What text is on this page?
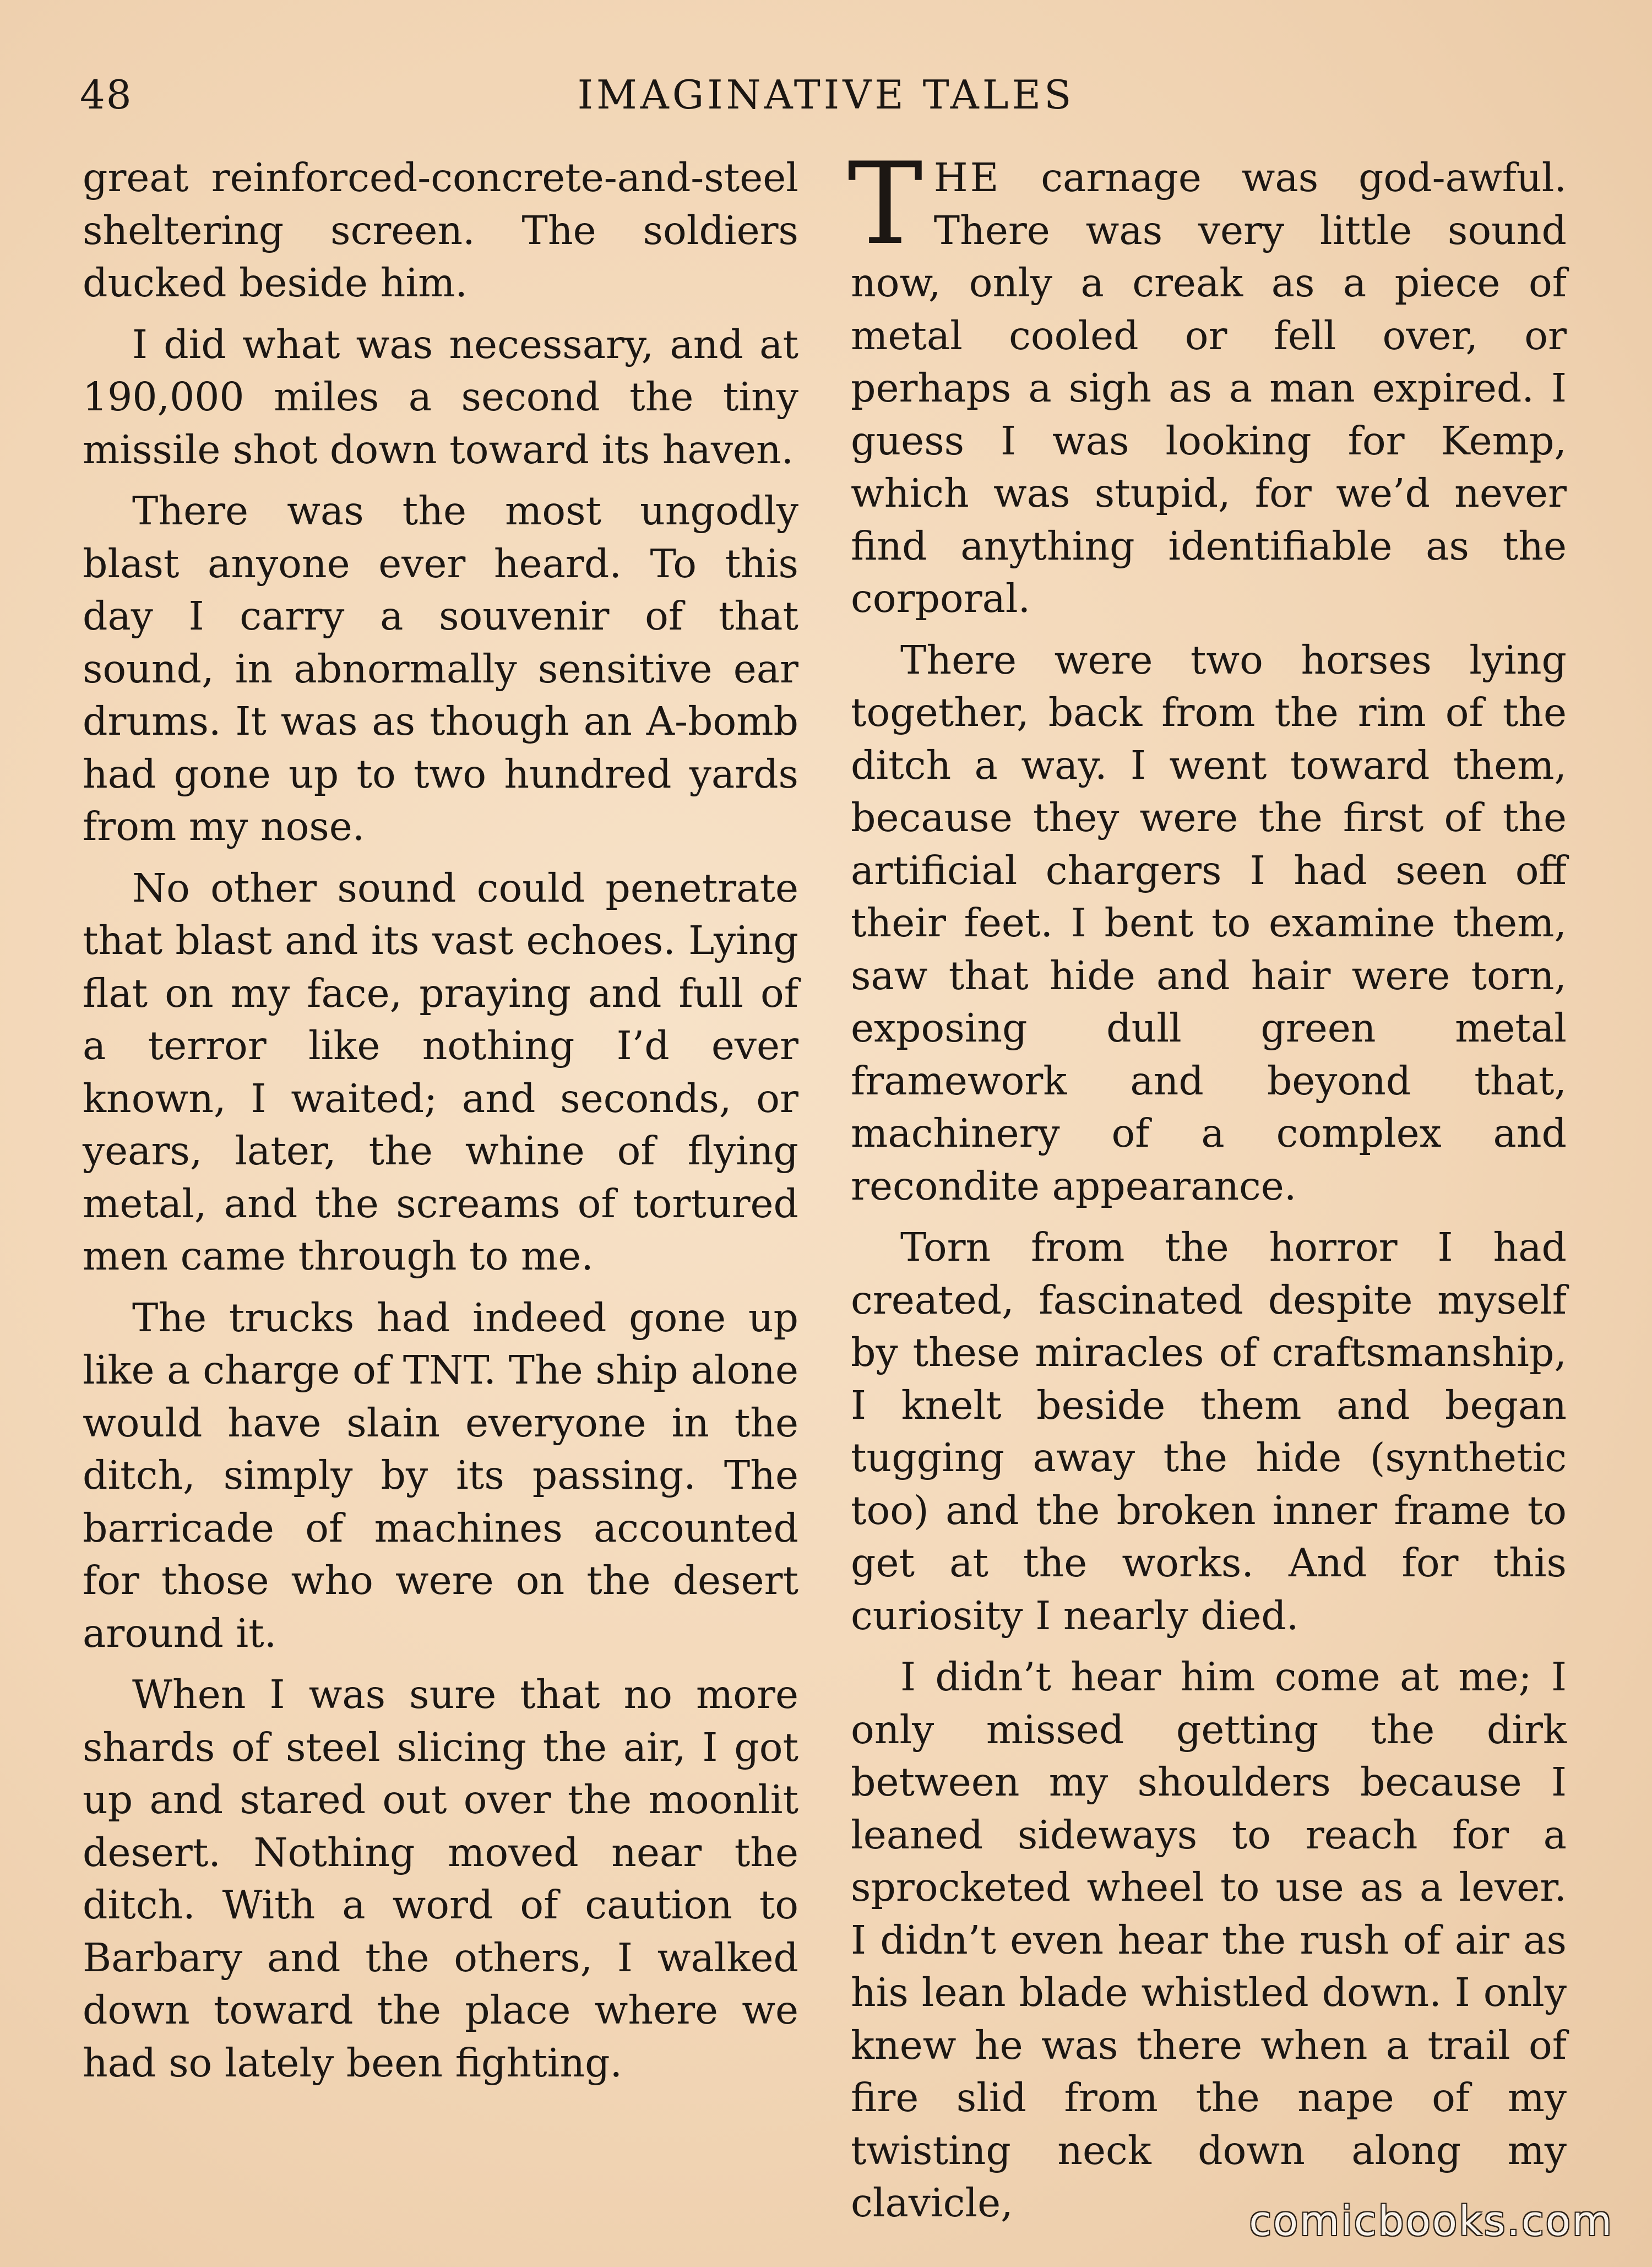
48	IMAGINATIVE TALES

great reinforced-concrete-and-steel sheltering screen. The soldiers ducked beside him.

I did what was necessary, and at 190,000 miles a second the tiny missile shot down toward its haven.

There was the most ungodly blast anyone ever heard. To this day I carry a souvenir of that sound, in abnormally sensitive ear drums. It was as though an A-bomb had gone up to two hundred yards from my nose.

No other sound could penetrate that blast and its vast echoes. Lying flat on my face, praying and full of a terror like nothing I’d ever known, I waited; and seconds, or years, later, the whine of flying metal, and the screams of tortured men came through to me.

The trucks had indeed gone up like a charge of TNT. The ship alone would have slain everyone in the ditch, simply by its passing. The barricade of machines accounted for those who were on the desert around it.

When I was sure that no more shards of steel slicing the air, I got up and stared out over the moonlit desert. Nothing moved near the ditch. With a word of caution to Barbary and the others, I walked down toward the place where we had so lately been fighting.

THE carnage was god-awful. There was very little sound now, only a creak as a piece of metal cooled or fell over, or perhaps a sigh as a man expired. I guess I was looking for Kemp, which was stupid, for we’d never find anything identifiable as the corporal.

There were two horses lying together, back from the rim of the ditch a way. I went toward them, because they were the first of the artificial chargers I had seen off their feet. I bent to examine them, saw that hide and hair were torn, exposing dull green metal framework and beyond that, machinery of a complex and recondite appearance.

Torn from the horror I had created, fascinated despite myself by these miracles of craftsmanship, I knelt beside them and began tugging away the hide (synthetic too) and the broken inner frame to get at the works. And for this curiosity I nearly died.

I didn’t hear him come at me; I only missed getting the dirk between my shoulders because I leaned sideways to reach for a sprocketed wheel to use as a lever. I didn’t even hear the rush of air as his lean blade whistled down. I only knew he was there when a trail of fire slid from the nape of my twisting neck down along my clavicle,	comicbooks.com
